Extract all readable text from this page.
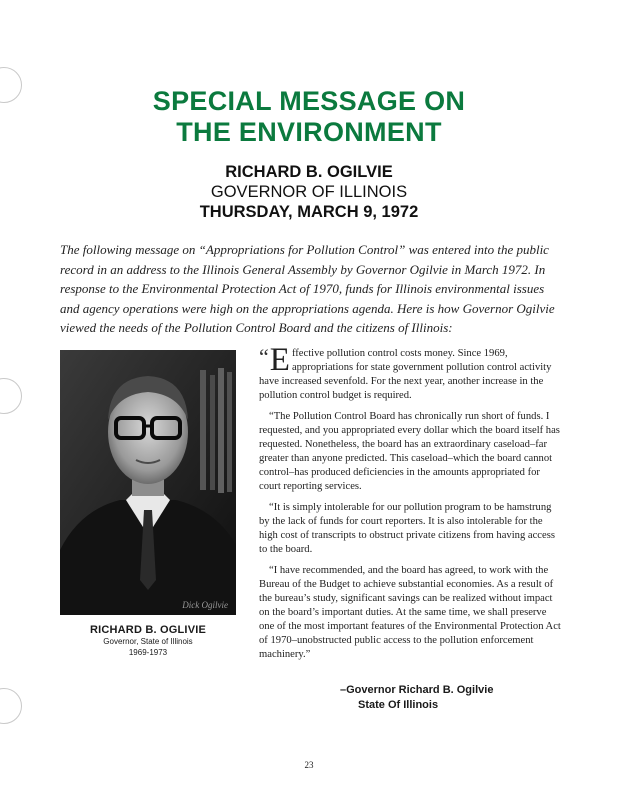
SPECIAL MESSAGE ON
THE ENVIRONMENT
RICHARD B. OGILVIE
GOVERNOR OF ILLINOIS
THURSDAY, MARCH 9, 1972
The following message on “Appropriations for Pollution Control” was entered into the public record in an address to the Illinois General Assembly by Governor Ogilvie in March 1972. In response to the Environmental Protection Act of 1970, funds for Illinois environmental issues and agency operations were high on the appropriations agenda. Here is how Governor Ogilvie viewed the needs of the Pollution Control Board and the citizens of Illinois:
Dick Ogilvie
RICHARD B. OGLIVIE
Governor, State of Illinois
1969-1973

“ E ffective pollution control costs money. Since 1969, appropriations for state government pollution control activity have increased sevenfold. For the next year, another increase in the pollution control budget is required.

“The Pollution Control Board has chronically run short of funds. I requested, and you appropriated every dollar which the board itself has requested. Nonetheless, the board has an extraordinary caseload–far greater than anyone predicted. This caseload–which the board cannot control–has produced deficiencies in the amounts appropriated for court reporting services.

“It is simply intolerable for our pollution program to be hamstrung by the lack of funds for court reporters. It is also intolerable for the high cost of transcripts to obstruct private citizens from having access to the board.

“I have recommended, and the board has agreed, to work with the Bureau of the Budget to achieve substantial economies. As a result of the bureau’s study, significant savings can be realized without impact on the board’s important duties. At the same time, we shall preserve one of the most important features of the Environmental Protection Act of 1970–unobstructed public access to the pollution enforcement machinery.”

–Governor Richard B. Ogilvie
State Of Illinois
23
